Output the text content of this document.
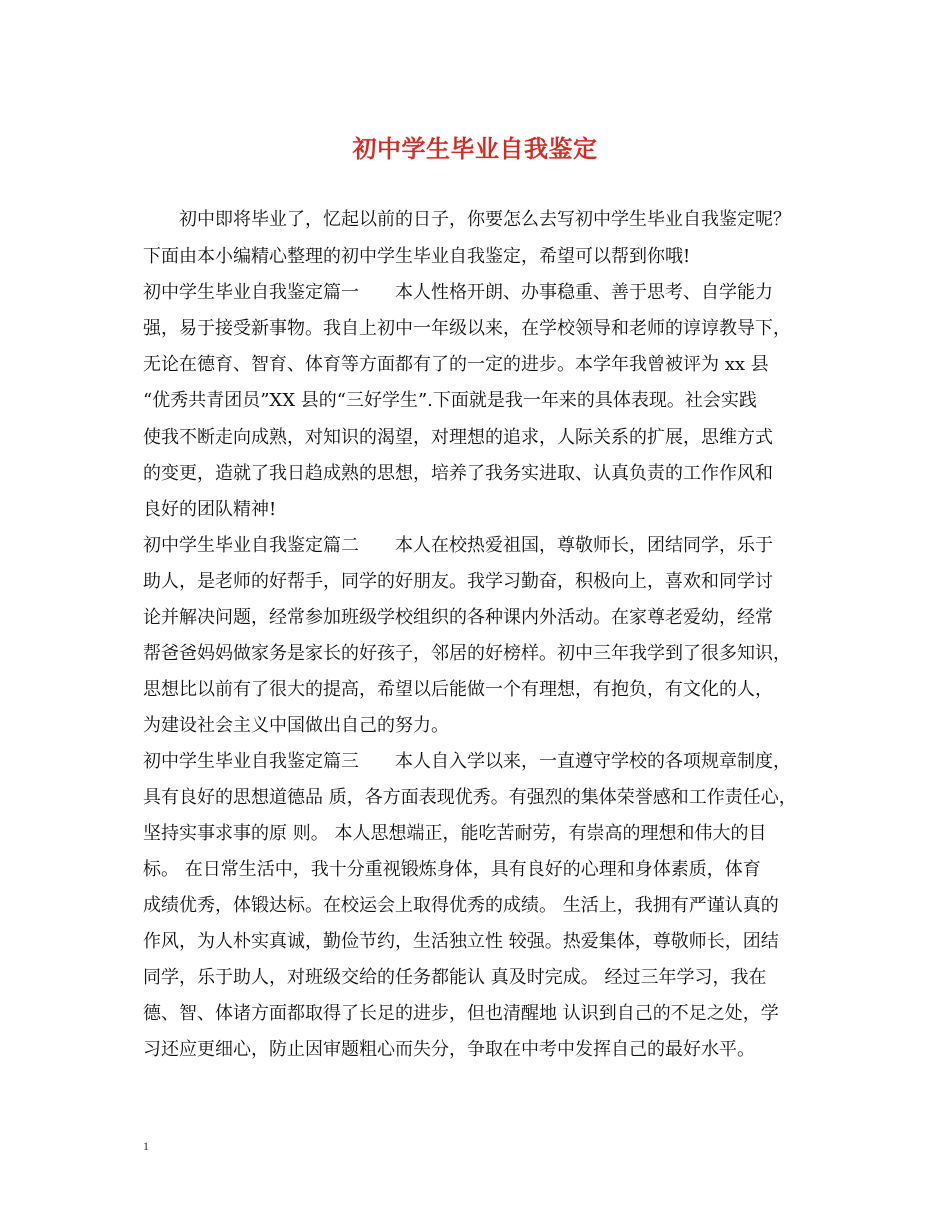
初中学生毕业自我鉴定
　　初中即将毕业了，忆起以前的日子，你要怎么去写初中学生毕业自我鉴定呢？
下面由本小编精心整理的初中学生毕业自我鉴定，希望可以帮到你哦!
初中学生毕业自我鉴定篇一　　本人性格开朗、办事稳重、善于思考、自学能力
强，易于接受新事物。我自上初中一年级以来，在学校领导和老师的谆谆教导下，
无论在德育、智育、体育等方面都有了的一定的进步。本学年我曾被评为 xx 县
“优秀共青团员”XX 县的“三好学生”.下面就是我一年来的具体表现。社会实践
使我不断走向成熟，对知识的渴望，对理想的追求，人际关系的扩展，思维方式
的变更，造就了我日趋成熟的思想，培养了我务实进取、认真负责的工作作风和
良好的团队精神!
初中学生毕业自我鉴定篇二　　本人在校热爱祖国，尊敬师长，团结同学，乐于
助人，是老师的好帮手，同学的好朋友。我学习勤奋，积极向上，喜欢和同学讨
论并解决问题，经常参加班级学校组织的各种课内外活动。在家尊老爱幼，经常
帮爸爸妈妈做家务是家长的好孩子，邻居的好榜样。初中三年我学到了很多知识，
思想比以前有了很大的提高，希望以后能做一个有理想，有抱负，有文化的人，
为建设社会主义中国做出自己的努力。
初中学生毕业自我鉴定篇三　　本人自入学以来，一直遵守学校的各项规章制度，
具有良好的思想道德品 质，各方面表现优秀。有强烈的集体荣誉感和工作责任心，
坚持实事求事的原 则。 本人思想端正，能吃苦耐劳，有崇高的理想和伟大的目
标。 在日常生活中，我十分重视锻炼身体，具有良好的心理和身体素质，体育
成绩优秀，体锻达标。在校运会上取得优秀的成绩。 生活上，我拥有严谨认真的
作风，为人朴实真诚，勤俭节约，生活独立性 较强。热爱集体，尊敬师长，团结
同学，乐于助人，对班级交给的任务都能认 真及时完成。 经过三年学习，我在
德、智、体诸方面都取得了长足的进步，但也清醒地 认识到自己的不足之处，学
习还应更细心，防止因审题粗心而失分，争取在中考中发挥自己的最好水平。
1
